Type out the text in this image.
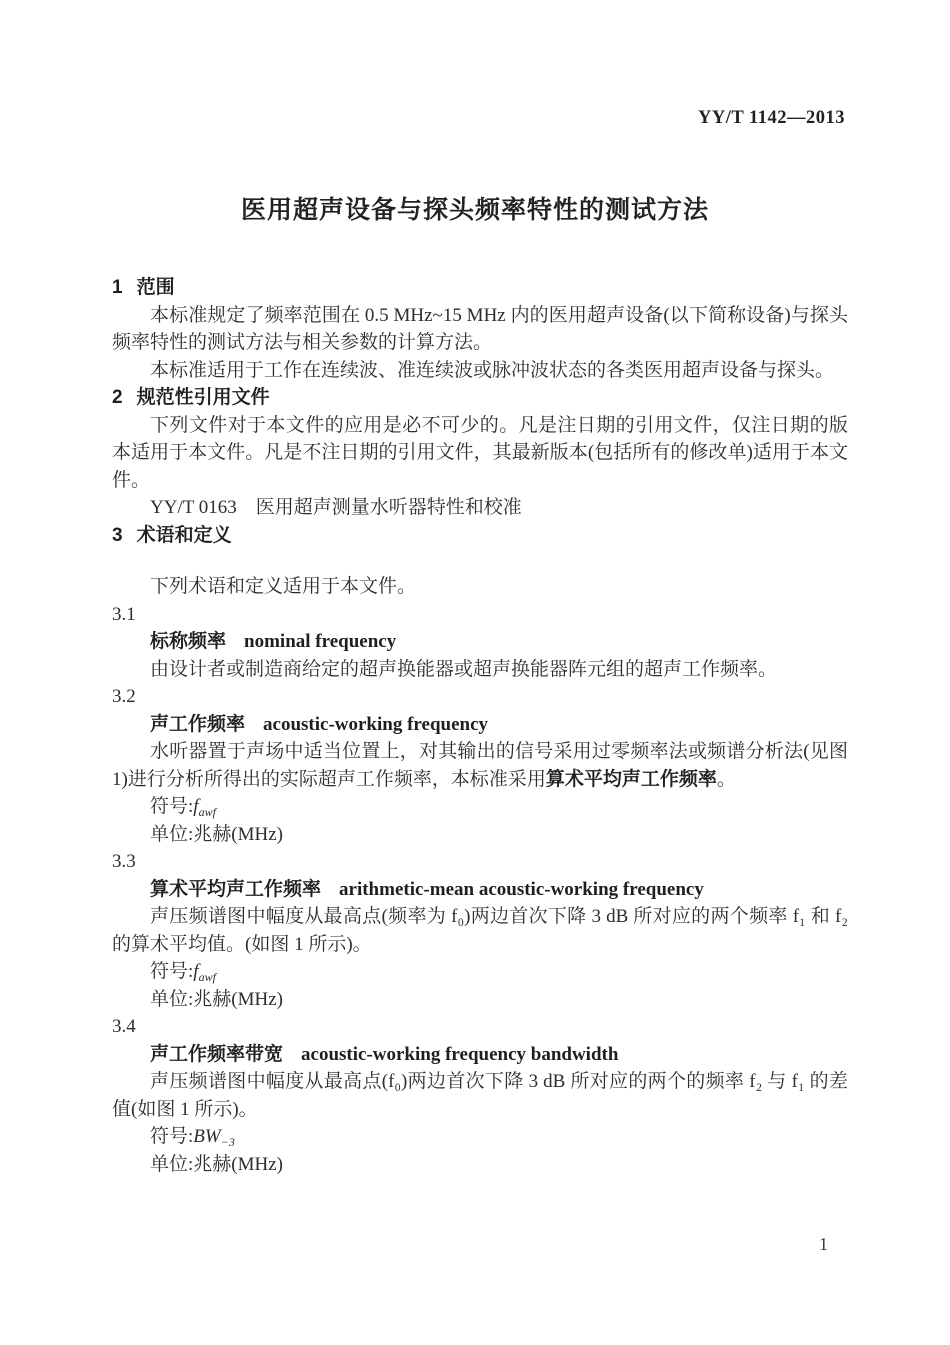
YY/T 1142—2013
医用超声设备与探头频率特性的测试方法

1 范围

本标准规定了频率范围在 0.5 MHz~15 MHz 内的医用超声设备(以下简称设备)与探头频率特性的测试方法与相关参数的计算方法。

本标准适用于工作在连续波、准连续波或脉冲波状态的各类医用超声设备与探头。

2 规范性引用文件

下列文件对于本文件的应用是必不可少的。凡是注日期的引用文件，仅注日期的版本适用于本文件。凡是不注日期的引用文件，其最新版本(包括所有的修改单)适用于本文件。

YY/T 0163　医用超声测量水听器特性和校准

3 术语和定义

下列术语和定义适用于本文件。

3.1

标称频率 nominal frequency

由设计者或制造商给定的超声换能器或超声换能器阵元组的超声工作频率。

3.2

声工作频率 acoustic-working frequency

水听器置于声场中适当位置上，对其输出的信号采用过零频率法或频谱分析法(见图 1)进行分析所得出的实际超声工作频率，本标准采用算术平均声工作频率。

符号$:f_{awf}$

单位:兆赫(MHz)

3.3

算术平均声工作频率 arithmetic-mean acoustic-working frequency

声压频谱图中幅度从最高点(频率为 f₀)两边首次下降 3 dB 所对应的两个频率 f₁ 和 f₂ 的算术平均值。(如图 1 所示)。

符号$:f_{awf}$

单位:兆赫(MHz)

3.4

声工作频率带宽 acoustic-working frequency bandwidth

声压频谱图中幅度从最高点(f₀)两边首次下降 3 dB 所对应的两个的频率 f₂ 与 f₁ 的差值(如图 1 所示)。

符号$:BW_{-3}$

单位:兆赫(MHz)

1
